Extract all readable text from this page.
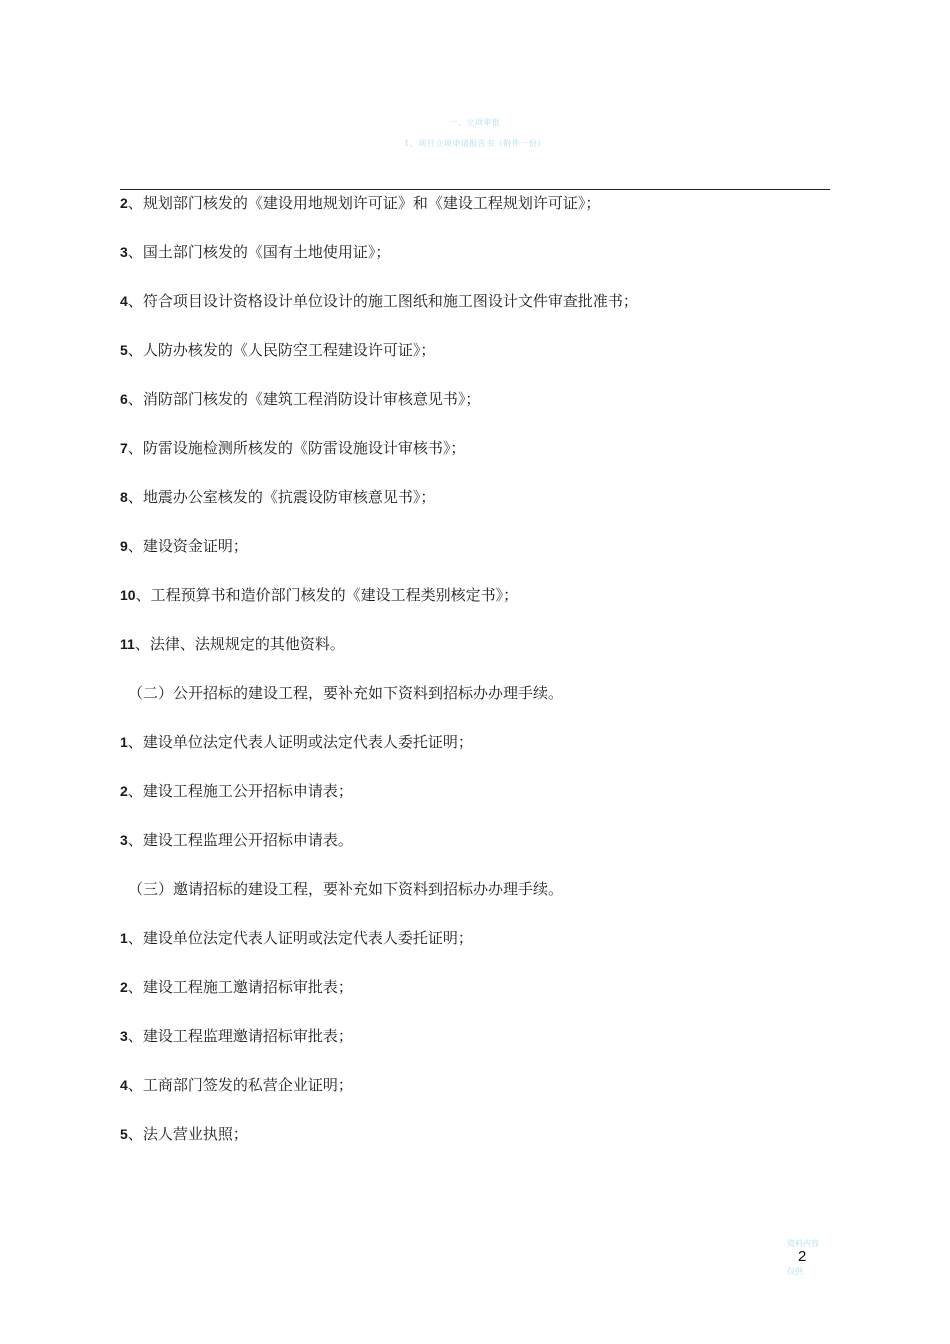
一、立项审批
1、项目立项申请报告书（附件一份）
2、规划部门核发的《建设用地规划许可证》和《建设工程规划许可证》；
3、国土部门核发的《国有土地使用证》；
4、符合项目设计资格设计单位设计的施工图纸和施工图设计文件审查批准书；
5、人防办核发的《人民防空工程建设许可证》；
6、消防部门核发的《建筑工程消防设计审核意见书》；
7、防雷设施检测所核发的《防雷设施设计审核书》；
8、地震办公室核发的《抗震设防审核意见书》；
9、建设资金证明；
10、工程预算书和造价部门核发的《建设工程类别核定书》；
11、法律、法规规定的其他资料。
（二）公开招标的建设工程，要补充如下资料到招标办办理手续。
1、建设单位法定代表人证明或法定代表人委托证明；
2、建设工程施工公开招标申请表；
3、建设工程监理公开招标申请表。
（三）邀请招标的建设工程，要补充如下资料到招标办办理手续。
1、建设单位法定代表人证明或法定代表人委托证明；
2、建设工程施工邀请招标审批表；
3、建设工程监理邀请招标审批表；
4、工商部门签发的私营企业证明；
5、法人营业执照；
资料内容
仅供
2
